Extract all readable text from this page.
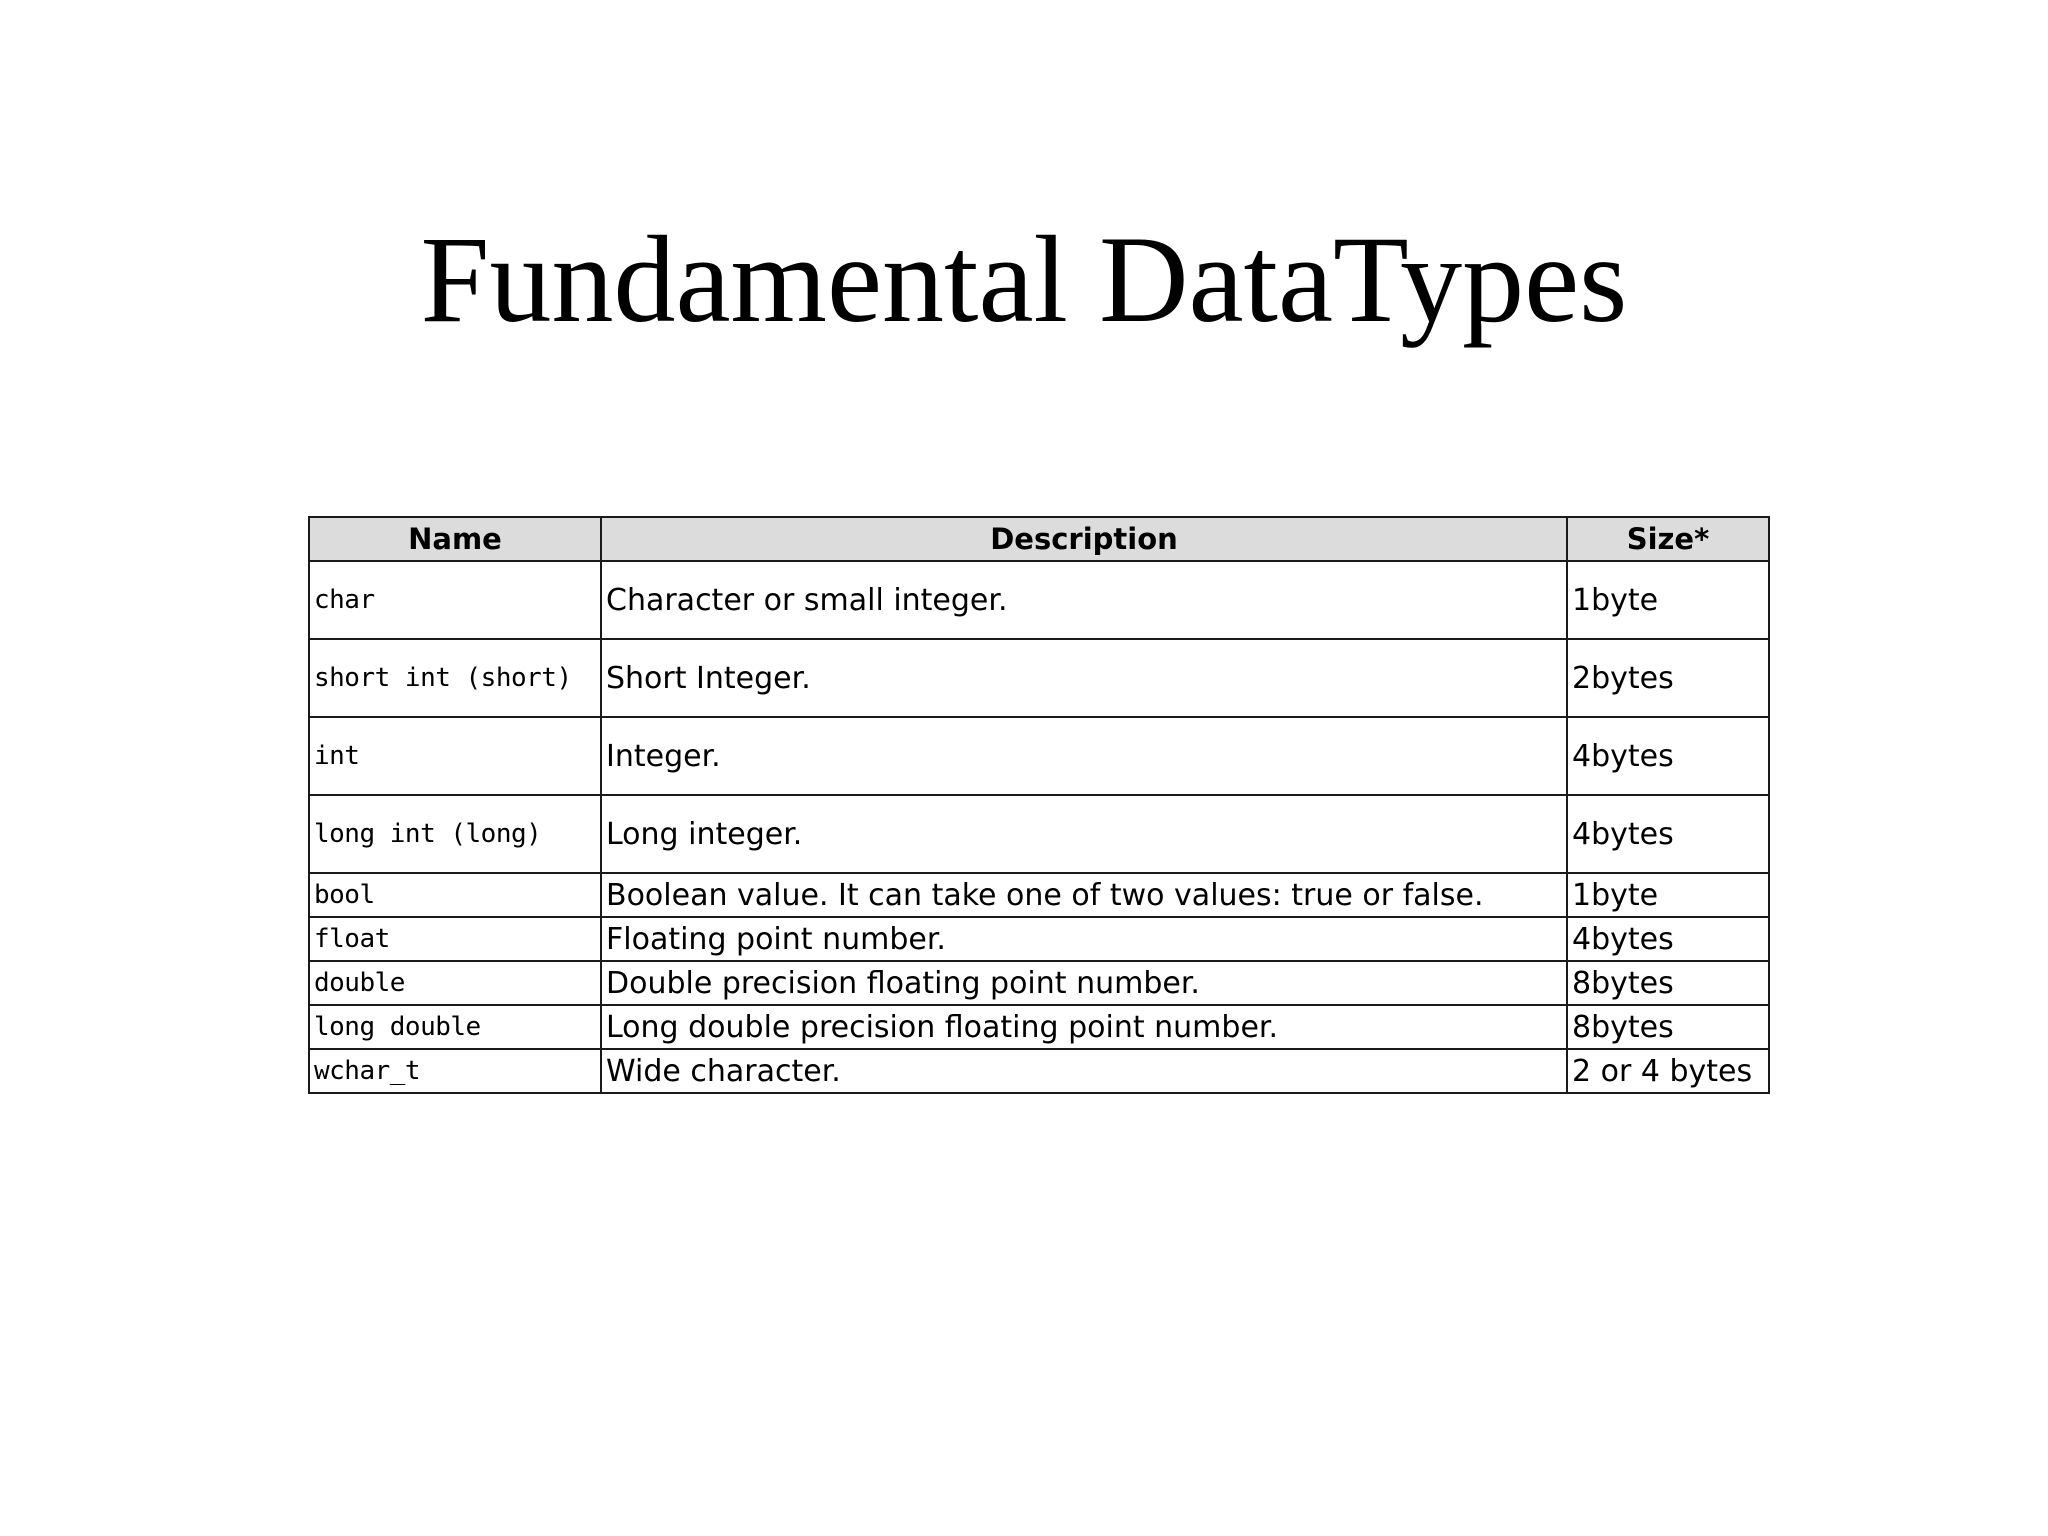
Fundamental DataTypes
Name	Description	Size*
char	Character or small integer.	1byte
short int (short)	Short Integer.	2bytes
int	Integer.	4bytes
long int (long)	Long integer.	4bytes
bool	Boolean value. It can take one of two values: true or false.	1byte
float	Floating point number.	4bytes
double	Double precision floating point number.	8bytes
long double	Long double precision floating point number.	8bytes
wchar_t	Wide character.	2 or 4 bytes
